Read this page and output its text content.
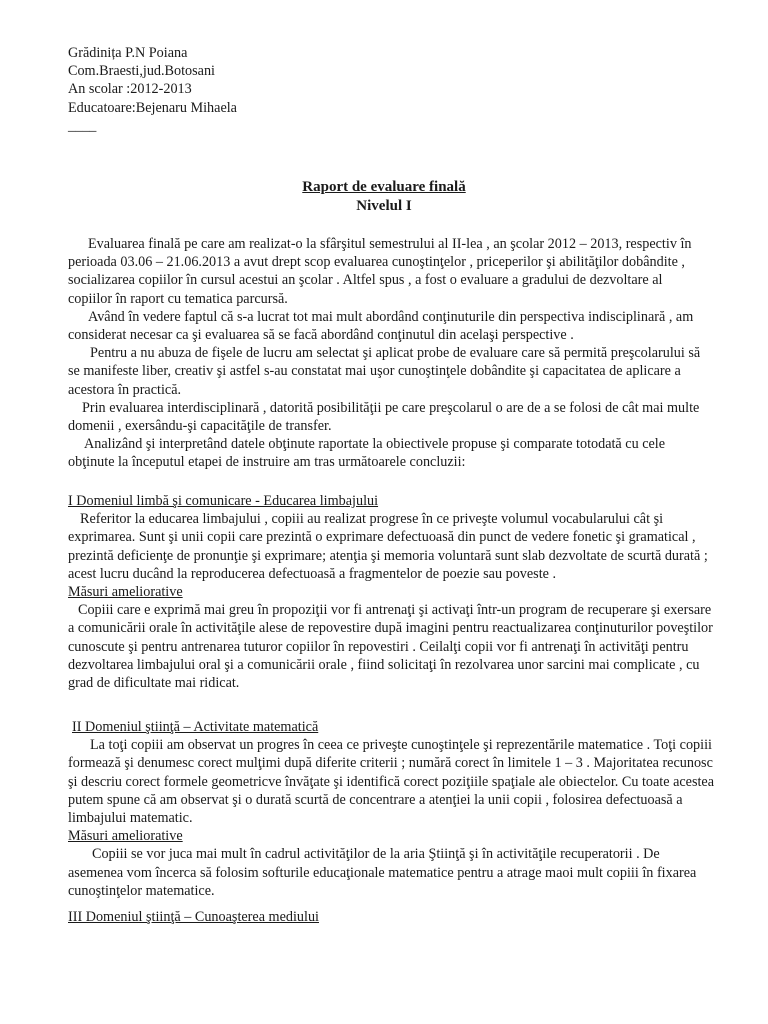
Grădinița P.N Poiana
Com.Braesti,jud.Botosani
An scolar :2012-2013
Educatoare:Bejenaru Mihaela
____
Raport de evaluare finală
Nivelul I

Evaluarea finală pe care am realizat-o la sfârşitul semestrului al II-lea , an şcolar 2012 – 2013, respectiv în perioada 03.06 – 21.06.2013 a avut drept scop evaluarea cunoştinţelor , priceperilor şi abilităţilor dobândite , socializarea copiilor în cursul acestui an şcolar . Altfel spus , a fost o evaluare a gradului de dezvoltare al copiilor în raport cu tematica parcursă.

Având în vedere faptul că s-a lucrat tot mai mult abordând conţinuturile din perspectiva indisciplinară , am considerat necesar ca şi evaluarea să se facă abordând conţinutul din acelaşi perspective .

Pentru a nu abuza de fişele de lucru am selectat şi aplicat probe de evaluare care să permită preşcolarului să se manifeste liber, creativ şi astfel s-au constatat mai uşor cunoştinţele dobândite şi capacitatea de aplicare a acestora în practică.

Prin evaluarea interdisciplinară , datorită posibilităţii pe care preşcolarul o are de a se folosi de cât mai multe domenii , exersându-şi capacităţile de transfer.

Analizând şi interpretând datele obţinute raportate la obiectivele propuse şi comparate totodată cu cele obţinute la începutul etapei de instruire am tras următoarele concluzii:

I Domeniul limbă şi comunicare - Educarea limbajului

Referitor la educarea limbajului , copiii au realizat progrese în ce priveşte volumul vocabularului cât şi exprimarea. Sunt şi unii copii care prezintă o exprimare defectuoasă din punct de vedere fonetic şi gramatical , prezintă deficienţe de pronunţie şi exprimare; atenţia şi memoria voluntară sunt slab dezvoltate de scurtă durată ; acest lucru ducând la reproducerea defectuoasă a fragmentelor de poezie sau poveste .

Măsuri ameliorative

Copiii care e exprimă mai greu în propoziţii vor fi antrenaţi şi activaţi într-un program de recuperare şi exersare a comunicării orale în activităţile alese de repovestire după imagini pentru reactualizarea conţinuturilor poveştilor cunoscute şi pentru antrenarea tuturor copiilor în repovestiri . Ceilalţi copii vor fi antrenaţi în activităţi pentru dezvoltarea limbajului oral şi a comunicării orale , fiind solicitaţi în rezolvarea unor sarcini mai complicate , cu grad de dificultate mai ridicat.

II Domeniul ştiinţă – Activitate matematică

La toţi copiii am observat un progres în ceea ce priveşte cunoştinţele şi reprezentările matematice . Toţi copiii formează şi denumesc corect mulţimi după diferite criterii ; numără corect în limitele 1 – 3 . Majoritatea recunosc şi descriu corect formele geometricve învăţate şi identifică corect poziţiile spaţiale ale obiectelor. Cu toate acestea putem spune că am observat şi o durată scurtă de concentrare a atenţiei la unii copii , folosirea defectuoasă a limbajului matematic.

Măsuri ameliorative

Copiii se vor juca mai mult în cadrul activităţilor de la aria Ştiinţă şi în activităţile recuperatorii . De asemenea vom încerca să folosim softurile educaţionale matematice pentru a atrage maoi mult copiii în fixarea cunoştinţelor matematice.

III Domeniul ştiinţă – Cunoaşterea mediului
